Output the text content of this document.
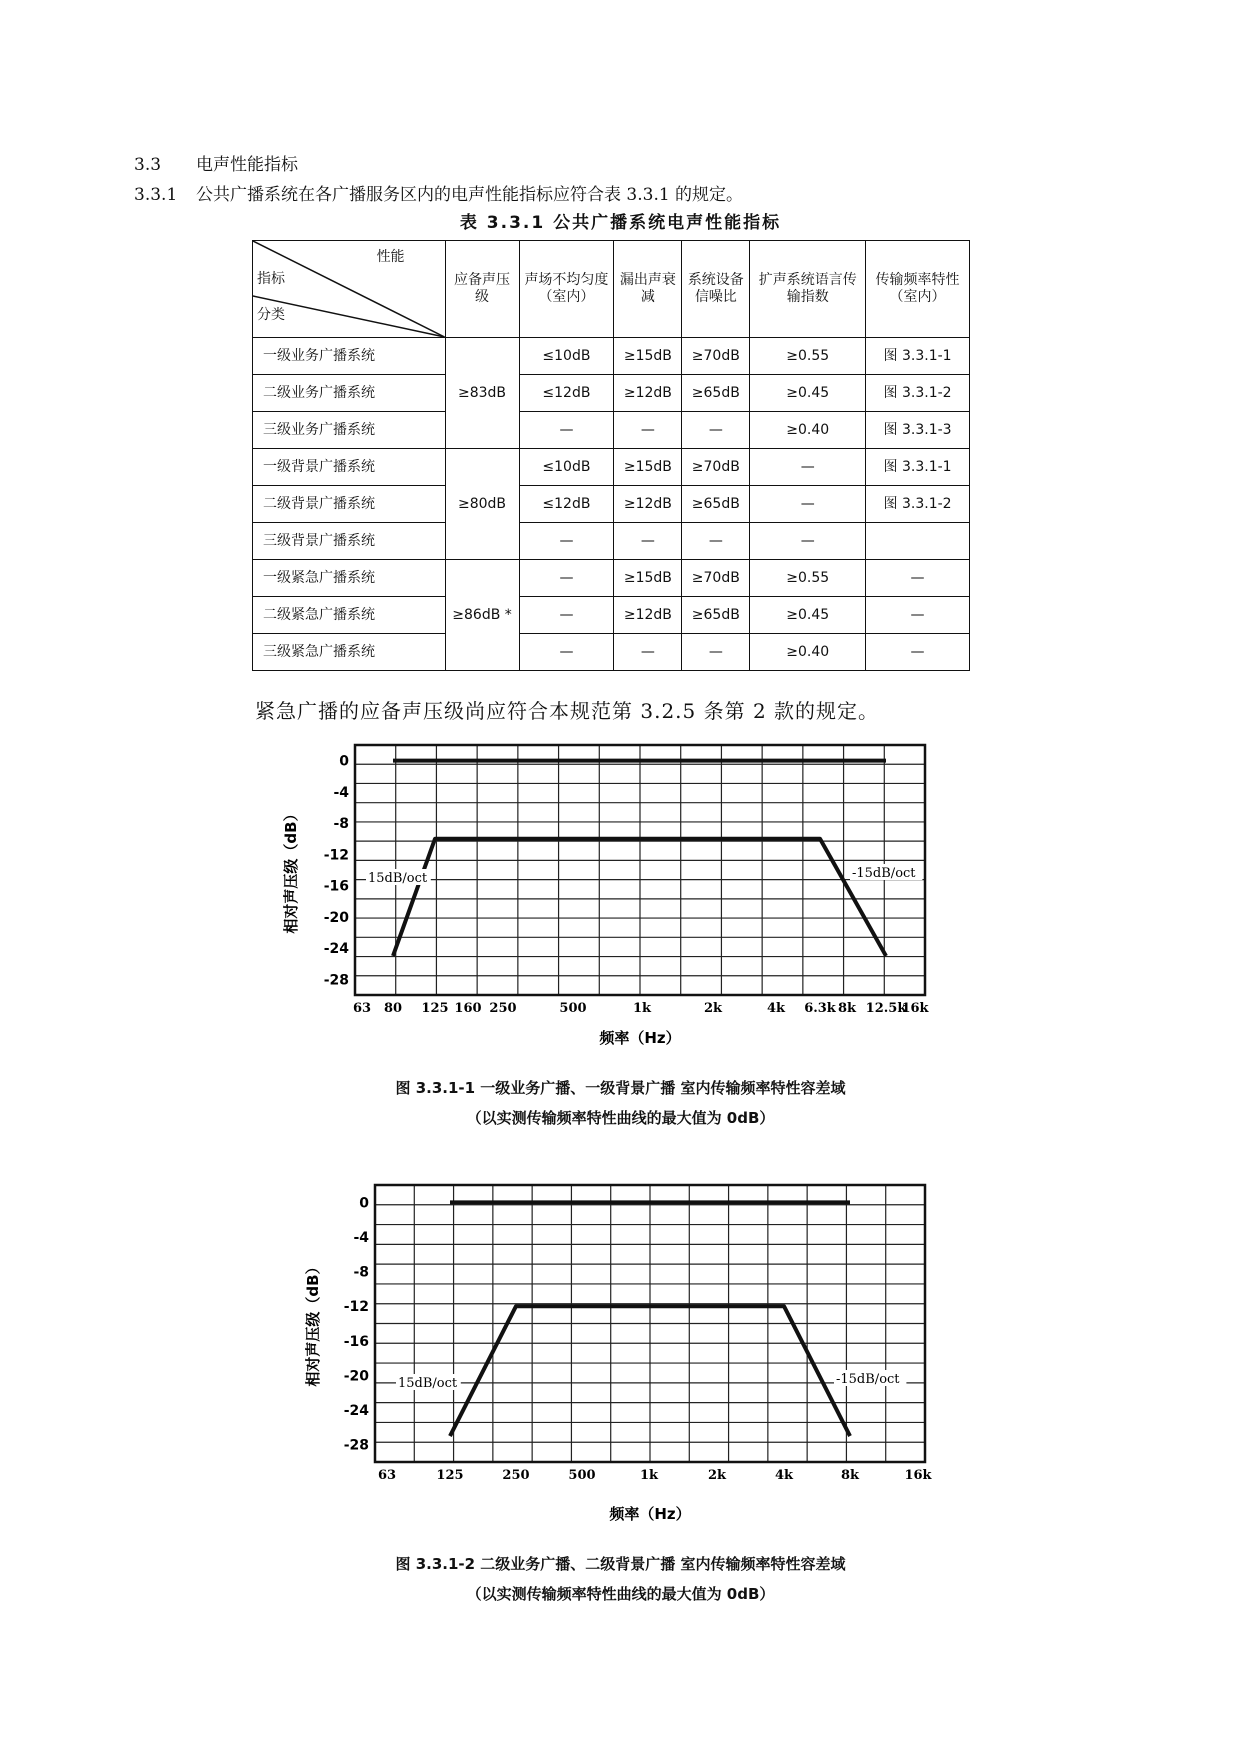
3.3 电声性能指标
3.3.1 公共广播系统在各广播服务区内的电声性能指标应符合表 3.3.1 的规定。
表 3.3.1 公共广播系统电声性能指标
性能
指标
分类	应备声压级	声场不均匀度（室内）	漏出声衰减	系统设备信噪比	扩声系统语言传输指数	传输频率特性（室内）
一级业务广播系统	≥83dB	≤10dB	≥15dB	≥70dB	≥0.55	图 3.3.1-1
二级业务广播系统		≤12dB	≥12dB	≥65dB	≥0.45	图 3.3.1-2
三级业务广播系统		—	—	—	≥0.40	图 3.3.1-3
一级背景广播系统	≥80dB	≤10dB	≥15dB	≥70dB	—	图 3.3.1-1
二级背景广播系统		≤12dB	≥12dB	≥65dB	—	图 3.3.1-2
三级背景广播系统		—	—	—	—	
一级紧急广播系统	≥86dB *	—	≥15dB	≥70dB	≥0.55	—
二级紧急广播系统		—	≥12dB	≥65dB	≥0.45	—
三级紧急广播系统		—	—	—	≥0.40	—
紧急广播的应备声压级尚应符合本规范第 3.2.5 条第 2 款的规定。
0
-4
-8
-12
-16
-20
-24
-28
63 80 125 160 250	500	1k	2k	4k 6.3k 8k 12.5k
16k
相对声压级（dB）
频率（Hz）
15dB/oct	-15dB/oct
0
-4
-8
-12
-16
-20
-24
-28
63	125	250	500	1k	2k	4k	8k	16k
相对声压级（dB）
频率（Hz）
15dB/oct	-15dB/oct
图 3.3.1-1 一级业务广播、一级背景广播 室内传输频率特性容差域
（以实测传输频率特性曲线的最大值为 0dB）
图 3.3.1-2 二级业务广播、二级背景广播 室内传输频率特性容差域
（以实测传输频率特性曲线的最大值为 0dB）
